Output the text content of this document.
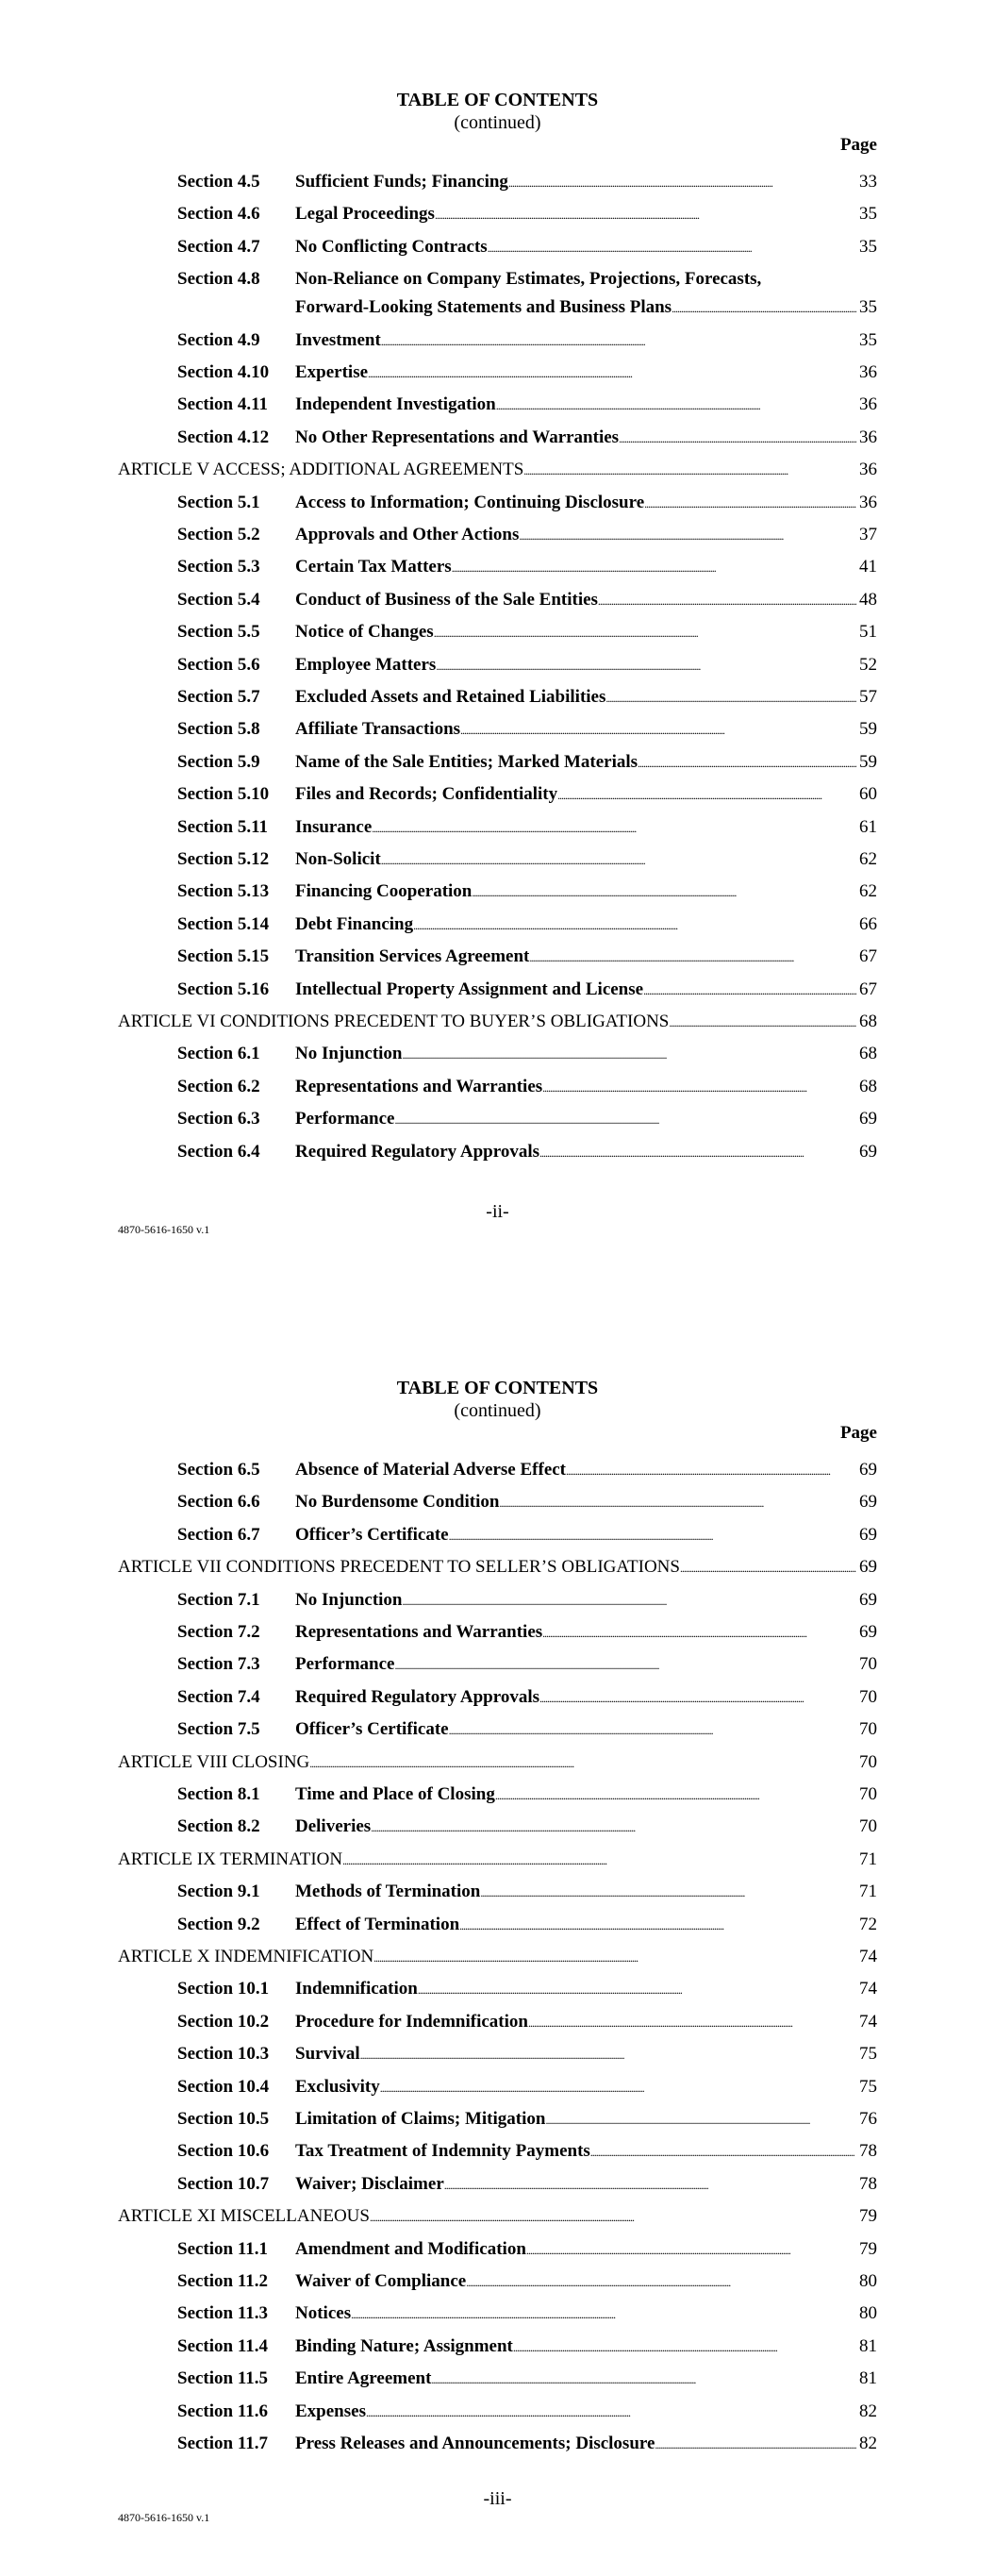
TABLE OF CONTENTS
(continued)
Page
Section 4.5 Sufficient Funds; Financing . . .	33
Section 4.6 Legal Proceedings . . .	35
Section 4.7 No Conflicting Contracts . . .	35
Section 4.8 Non-Reliance on Company Estimates, Projections, Forecasts,
Forward-Looking Statements and Business Plans . . .	35
Section 4.9 Investment . . .	35
Section 4.10 Expertise . . .	36
Section 4.11 Independent Investigation . . .	36
Section 4.12 No Other Representations and Warranties . . .	36
ARTICLE V ACCESS; ADDITIONAL AGREEMENTS . . .	36
Section 5.1 Access to Information; Continuing Disclosure . . .	36
Section 5.2 Approvals and Other Actions . . .	37
Section 5.3 Certain Tax Matters . . .	41
Section 5.4 Conduct of Business of the Sale Entities . . .	48
Section 5.5 Notice of Changes . . .	51
Section 5.6 Employee Matters . . .	52
Section 5.7 Excluded Assets and Retained Liabilities . . .	57
Section 5.8 Affiliate Transactions . . .	59
Section 5.9 Name of the Sale Entities; Marked Materials . . .	59
Section 5.10 Files and Records; Confidentiality . . .	60
Section 5.11 Insurance . . .	61
Section 5.12 Non-Solicit . . .	62
Section 5.13 Financing Cooperation . . .	62
Section 5.14 Debt Financing . . .	66
Section 5.15 Transition Services Agreement . . .	67
Section 5.16 Intellectual Property Assignment and License . . .	67
ARTICLE VI CONDITIONS PRECEDENT TO BUYER’S OBLIGATIONS . . .	68
Section 6.1 No Injunction . . .	68
Section 6.2 Representations and Warranties . . .	68
Section 6.3 Performance . . .	69
Section 6.4 Required Regulatory Approvals . . .	69
-ii-
4870-5616-1650 v.1
TABLE OF CONTENTS
(continued)
Page
Section 6.5 Absence of Material Adverse Effect . . .	69
Section 6.6 No Burdensome Condition . . .	69
Section 6.7 Officer’s Certificate . . .	69
ARTICLE VII CONDITIONS PRECEDENT TO SELLER’S OBLIGATIONS . . .	69
Section 7.1 No Injunction . . .	69
Section 7.2 Representations and Warranties . . .	69
Section 7.3 Performance . . .	70
Section 7.4 Required Regulatory Approvals . . .	70
Section 7.5 Officer’s Certificate . . .	70
ARTICLE VIII CLOSING . . .	70
Section 8.1 Time and Place of Closing . . .	70
Section 8.2 Deliveries . . .	70
ARTICLE IX TERMINATION . . .	71
Section 9.1 Methods of Termination . . .	71
Section 9.2 Effect of Termination . . .	72
ARTICLE X INDEMNIFICATION . . .	74
Section 10.1 Indemnification . . .	74
Section 10.2 Procedure for Indemnification . . .	74
Section 10.3 Survival . . .	75
Section 10.4 Exclusivity . . .	75
Section 10.5 Limitation of Claims; Mitigation . . .	76
Section 10.6 Tax Treatment of Indemnity Payments . . .	78
Section 10.7 Waiver; Disclaimer . . .	78
ARTICLE XI MISCELLANEOUS . . .	79
Section 11.1 Amendment and Modification . . .	79
Section 11.2 Waiver of Compliance . . .	80
Section 11.3 Notices . . .	80
Section 11.4 Binding Nature; Assignment . . .	81
Section 11.5 Entire Agreement . . .	81
Section 11.6 Expenses . . .	82
Section 11.7 Press Releases and Announcements; Disclosure . . .	82
-iii-
4870-5616-1650 v.1
